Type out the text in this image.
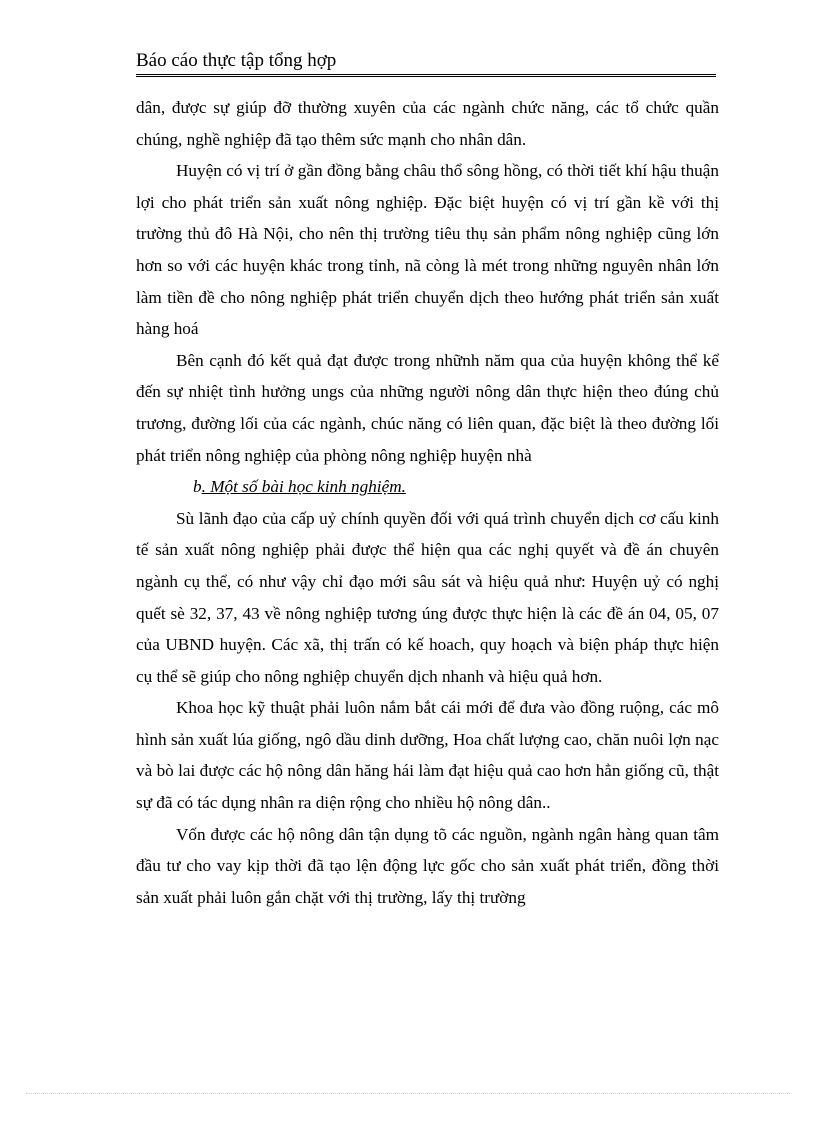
Báo cáo thực tập tổng hợp

dân, được sự giúp đỡ thường xuyên của các ngành chức năng, các tổ chức quần chúng, nghề nghiệp đã tạo thêm sức mạnh cho nhân dân.

Huyện có vị trí ở gần đồng bằng châu thổ sông hồng, có thời tiết khí hậu thuận lợi cho phát triển sản xuất nông nghiệp. Đặc biệt huyện có vị trí gần kề với thị trường thủ đô Hà Nội, cho nên thị trường tiêu thụ sản phẩm nông nghiệp cũng lớn hơn so với các huyện khác trong tỉnh, nã còng là mét trong những nguyên nhân lớn làm tiền đề cho nông nghiệp phát triển chuyển dịch theo hướng phát triển sản xuất hàng hoá

Bên cạnh đó kết quả đạt được trong nhữnh năm qua của huyện không thể kể đến sự nhiệt tình hưởng ungs của những người nông dân thực hiện theo đúng chủ trương, đường lối của các ngành, chúc năng có liên quan, đặc biệt là theo đường lối phát triển nông nghiệp của phòng nông nghiệp huyện nhà

b. Một số bài học kinh nghiệm.

Sù lãnh đạo của cấp uỷ chính quyền đối với quá trình chuyển dịch cơ cấu kinh tế sản xuất nông nghiệp phải được thể hiện qua các nghị quyết và đề án chuyên ngành cụ thể, có như vậy chỉ đạo mới sâu sát và hiệu quả như: Huyện uỷ có nghị quết sè 32, 37, 43 về nông nghiệp tương úng được thực hiện là các đề án 04, 05, 07 của UBND huyện. Các xã, thị trấn có kế hoach, quy hoạch và biện pháp thực hiện cụ thể sẽ giúp cho nông nghiệp chuyển dịch nhanh và hiệu quả hơn.

Khoa học kỹ thuật phải luôn nắm bắt cái mới để đưa vào đồng ruộng, các mô hình sản xuất lúa giống, ngô dầu dinh dưỡng, Hoa chất lượng cao, chăn nuôi lợn nạc và bò lai được các hộ nông dân hăng hái làm đạt hiệu quả cao hơn hẳn giống cũ, thật sự đã có tác dụng nhân ra diện rộng cho nhiều hộ nông dân..

Vốn được các hộ nông dân tận dụng tõ các nguồn, ngành ngân hàng quan tâm đầu tư cho vay kịp thời đã tạo lện động lực gốc cho sản xuất phát triển, đồng thời sản xuất phải luôn gắn chặt với thị trường, lấy thị trường
